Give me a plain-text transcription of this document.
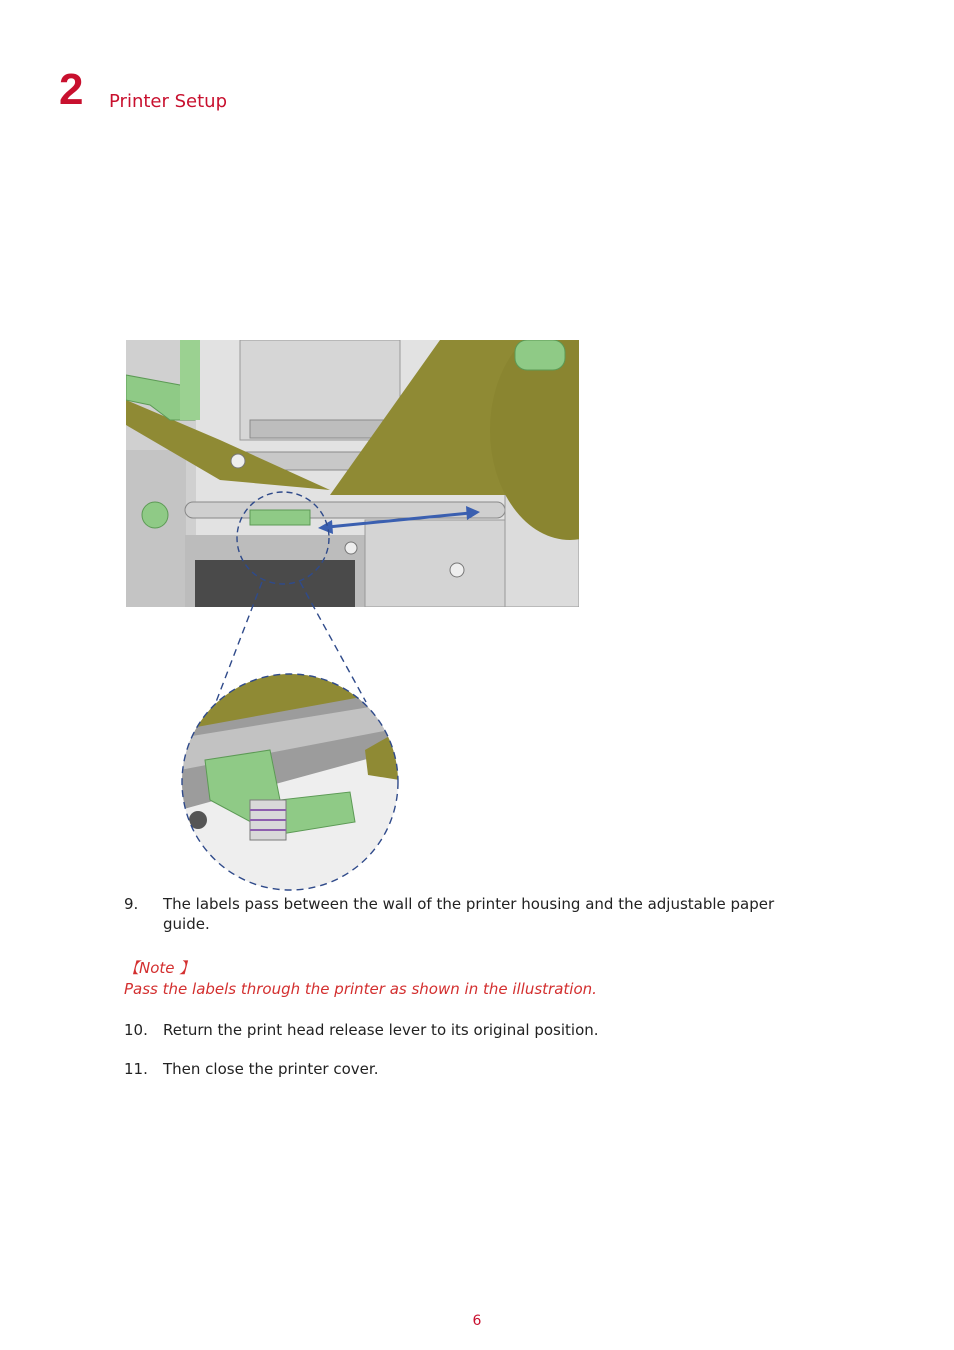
2 Printer Setup
9. The labels pass between the wall of the printer housing and the adjustable paper guide.
【Note 】
Pass the labels through the printer as shown in the illustration.
10. Return the print head release lever to its original position.
11. Then close the printer cover.
6
